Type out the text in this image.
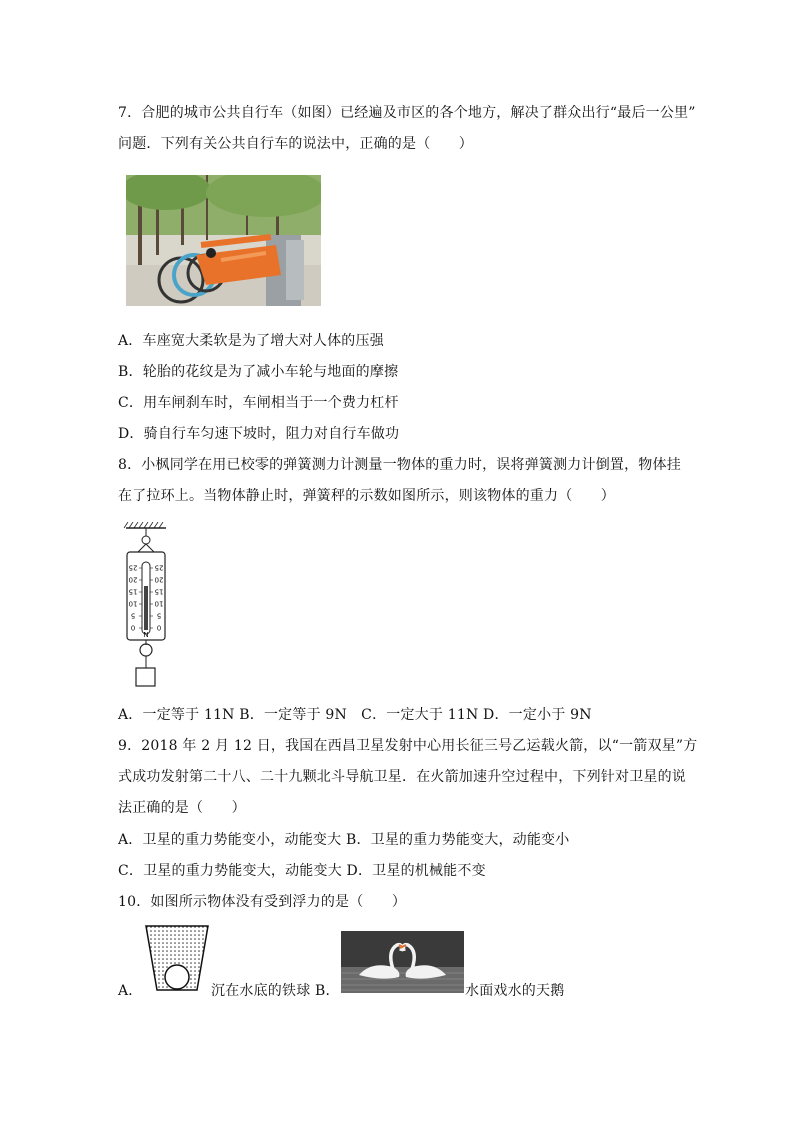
7．合肥的城市公共自行车（如图）已经遍及市区的各个地方，解决了群众出行“最后一公里”
问题．下列有关公共自行车的说法中，正确的是（　　）
A．车座宽大柔软是为了增大对人体的压强
B．轮胎的花纹是为了减小车轮与地面的摩擦
C．用车闸刹车时，车闸相当于一个费力杠杆
D．骑自行车匀速下坡时，阻力对自行车做功
8．小枫同学在用已校零的弹簧测力计测量一物体的重力时，误将弹簧测力计倒置，物体挂
在了拉环上。当物体静止时，弹簧秤的示数如图所示，则该物体的重力（　　）
25
20
15
10
5
0
25
20
15
10
5
0
N
A．一定等于 11N B．一定等于 9N　C．一定大于 11N D．一定小于 9N
9．2018 年 2 月 12 日，我国在西昌卫星发射中心用长征三号乙运载火箭，以“一箭双星”方
式成功发射第二十八、二十九颗北斗导航卫星．在火箭加速升空过程中，下列针对卫星的说
法正确的是（　　）
A．卫星的重力势能变小，动能变大 B．卫星的重力势能变大，动能变小
C．卫星的重力势能变大，动能变大 D．卫星的机械能不变
10．如图所示物体没有受到浮力的是（　　）
A．	沉在水底的铁球 B．	水面戏水的天鹅
